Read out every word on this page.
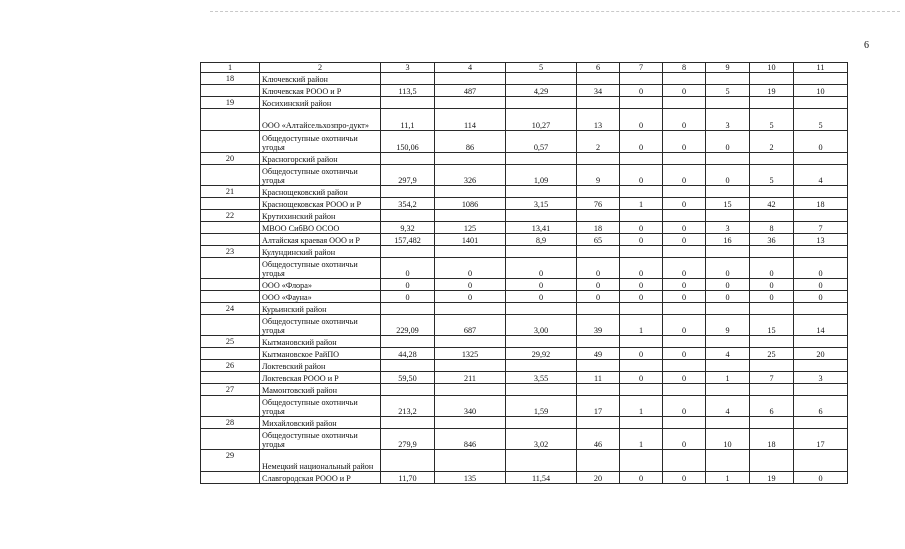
6
1	2	3	4	5	6	7	8	9	10	11
18	Ключевский район									
	Ключевская РООО и Р	113,5	487	4,29	34	0	0	5	19	10
19	Косихинский район									
	ООО «Алтайсельхозпро-дукт»	11,1	114	10,27	13	0	0	3	5	5
	Общедоступные охотничьи угодья	150,06	86	0,57	2	0	0	0	2	0
20	Красногорский район									
	Общедоступные охотничьи угодья	297,9	326	1,09	9	0	0	0	5	4
21	Краснощековский район									
	Краснощековская РООО и Р	354,2	1086	3,15	76	1	0	15	42	18
22	Крутихинский район									
	МВОО СибВО ОСОО	9,32	125	13,41	18	0	0	3	8	7
	Алтайская краевая ООО и Р	157,482	1401	8,9	65	0	0	16	36	13
23	Кулундинский район									
	Общедоступные охотничьи угодья	0	0	0	0	0	0	0	0	0
	ООО «Флора»	0	0	0	0	0	0	0	0	0
	ООО «Фауна»	0	0	0	0	0	0	0	0	0
24	Курьинский район									
	Общедоступные охотничьи угодья	229,09	687	3,00	39	1	0	9	15	14
25	Кытмановский район									
	Кытмановское РайПО	44,28	1325	29,92	49	0	0	4	25	20
26	Локтевский район									
	Локтевская РООО и Р	59,50	211	3,55	11	0	0	1	7	3
27	Мамонтовский район									
	Общедоступные охотничьи угодья	213,2	340	1,59	17	1	0	4	6	6
28	Михайловский район									
	Общедоступные охотничьи угодья	279,9	846	3,02	46	1	0	10	18	17
29	Немецкий национальный район									
	Славгородская РООО и Р	11,70	135	11,54	20	0	0	1	19	0
